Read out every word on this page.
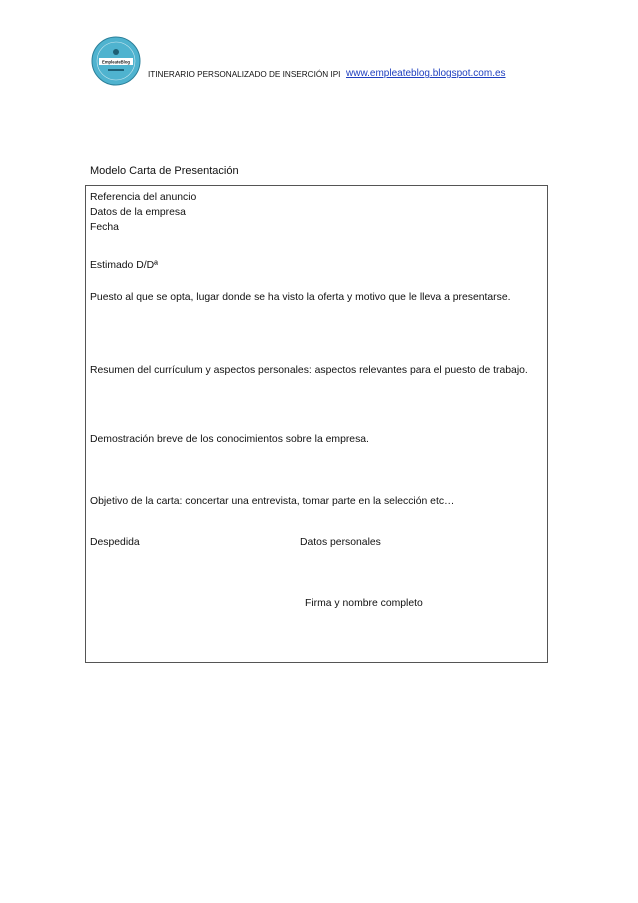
EmpleateBlog
ITINERARIO PERSONALIZADO DE INSERCIÓN IPI www.empleateblog.blogspot.com.es
Modelo Carta de Presentación
Referencia del anuncio
Datos de la empresa
Fecha
Estimado D/Dª
Puesto al que se opta, lugar donde se ha visto la oferta y motivo que le lleva a presentarse.
Resumen del currículum y aspectos personales: aspectos relevantes para el puesto de trabajo.
Demostración breve de los conocimientos sobre la empresa.
Objetivo de la carta: concertar una entrevista, tomar parte en la selección etc…
Despedida	Datos personales
Firma y nombre completo
